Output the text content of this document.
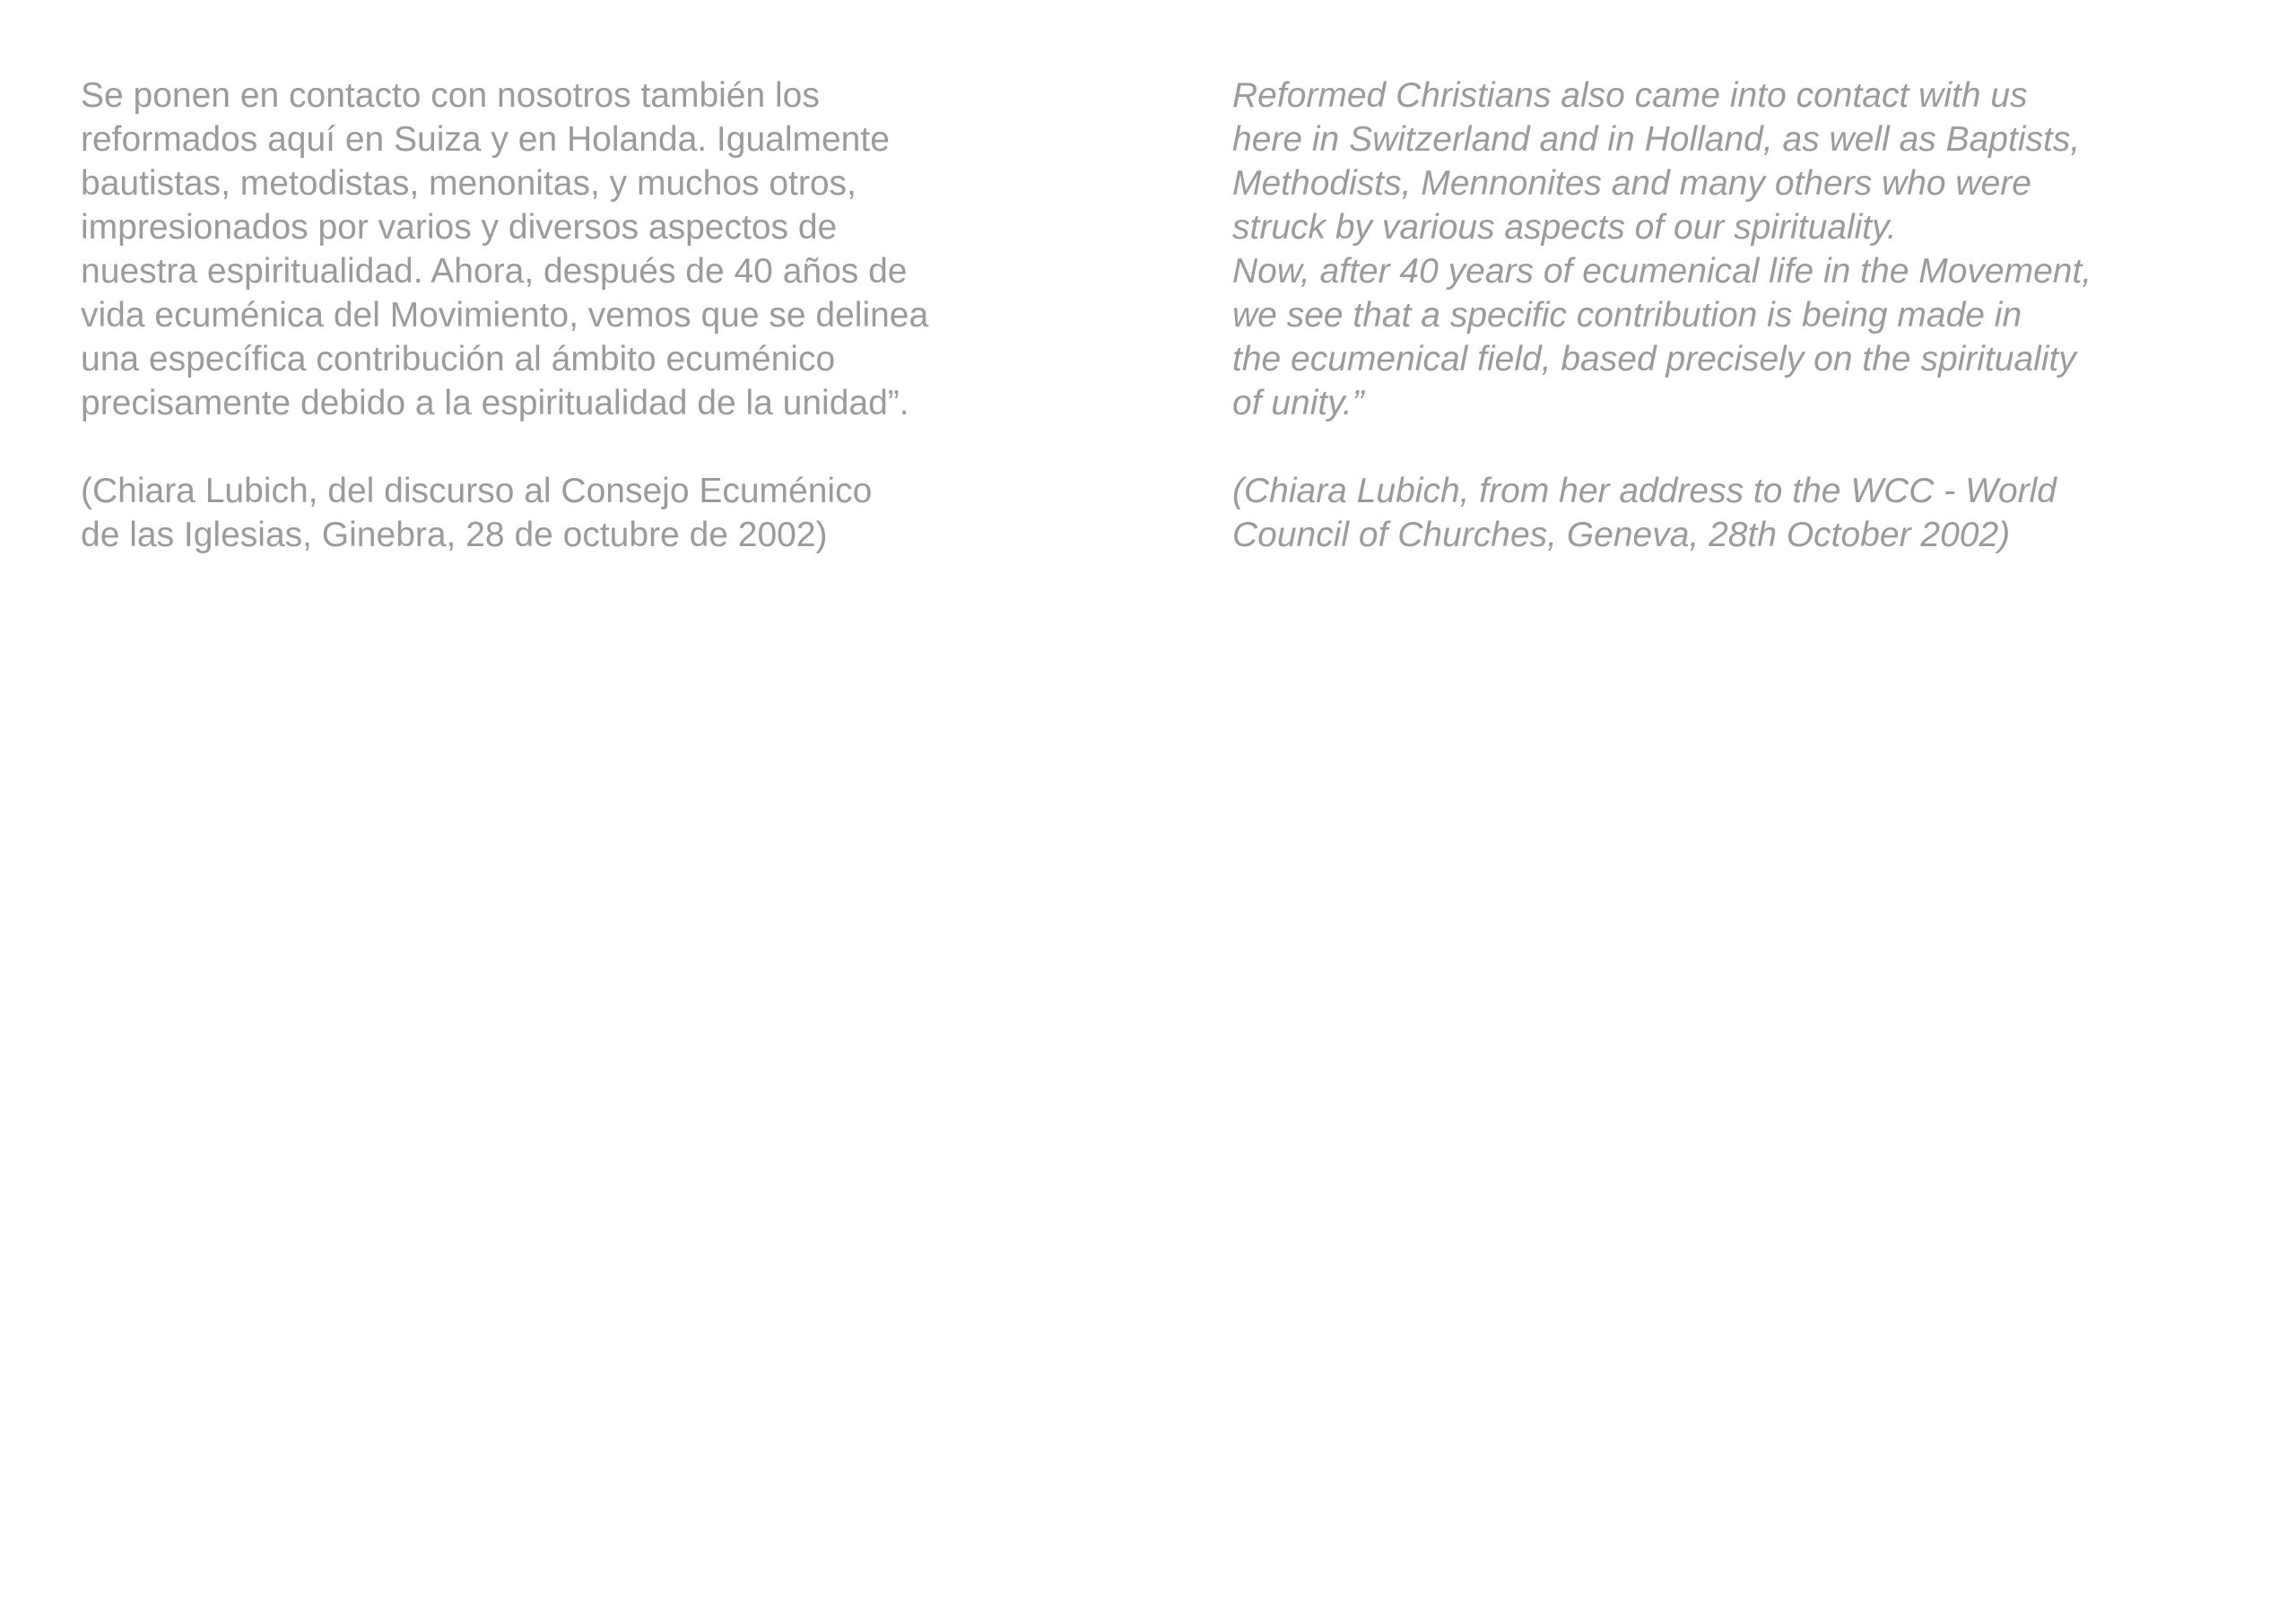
Se ponen en contacto con nosotros también los
reformados aquí en Suiza y en Holanda. Igualmente
bautistas, metodistas, menonitas, y muchos otros,
impresionados por varios y diversos aspectos de
nuestra espiritualidad. Ahora, después de 40 años de
vida ecuménica del Movimiento, vemos que se delinea
una específica contribución al ámbito ecuménico
precisamente debido a la espiritualidad de la unidad”.
(Chiara Lubich, del discurso al Consejo Ecuménico
de las Iglesias, Ginebra, 28 de octubre de 2002)
Reformed Christians also came into contact with us
here in Switzerland and in Holland, as well as Baptists,
Methodists, Mennonites and many others who were
struck by various aspects of our spirituality.
Now, after 40 years of ecumenical life in the Movement,
we see that a specific contribution is being made in
the ecumenical field, based precisely on the spirituality
of unity.”
(Chiara Lubich, from her address to the WCC - World
Council of Churches, Geneva, 28th October 2002)
